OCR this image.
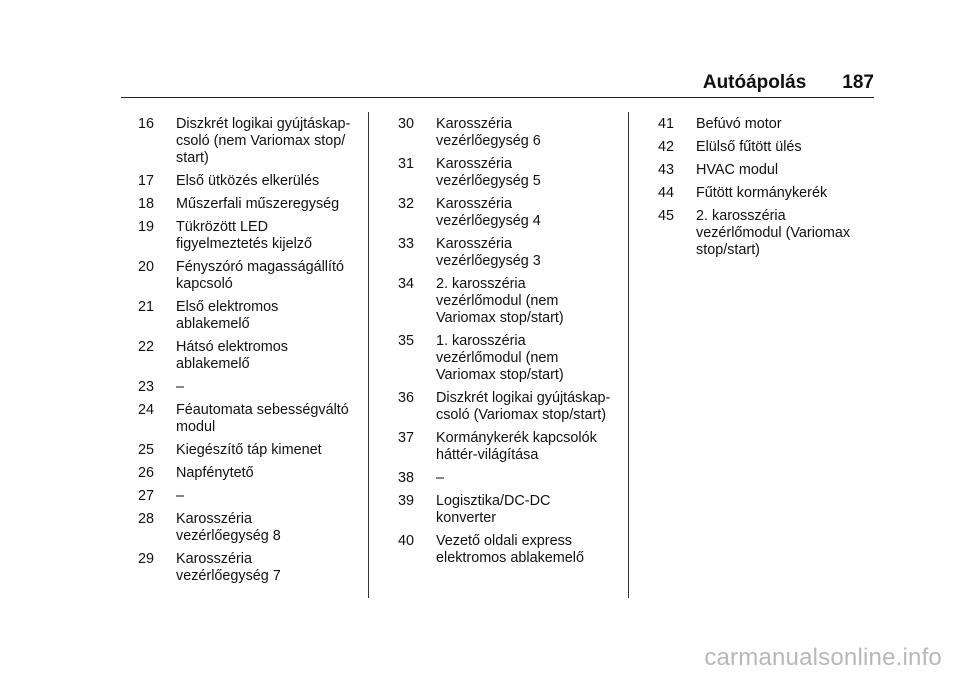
Autóápolás 187
16	Diszkrét logikai gyújtáskap-
csoló (nem Variomax stop/
start)
17	Első ütközés elkerülés
18	Műszerfali műszeregység
19	Tükrözött LED
figyelmeztetés kijelző
20	Fényszóró magasságállító
kapcsoló
21	Első elektromos
ablakemelő
22	Hátsó elektromos
ablakemelő
23	–
24	Féautomata sebességváltó
modul
25	Kiegészítő táp kimenet
26	Napfénytető
27	–
28	Karosszéria
vezérlőegység 8
29	Karosszéria
vezérlőegység 7
30	Karosszéria
vezérlőegység 6
31	Karosszéria
vezérlőegység 5
32	Karosszéria
vezérlőegység 4
33	Karosszéria
vezérlőegység 3
34	2. karosszéria
vezérlőmodul (nem
Variomax stop/start)
35	1. karosszéria
vezérlőmodul (nem
Variomax stop/start)
36	Diszkrét logikai gyújtáskap-
csoló (Variomax stop/start)
37	Kormánykerék kapcsolók
háttér-világítása
38	–
39	Logisztika/DC-DC
konverter
40	Vezető oldali express
elektromos ablakemelő
41	Befúvó motor
42	Elülső fűtött ülés
43	HVAC modul
44	Fűtött kormánykerék
45	2. karosszéria
vezérlőmodul (Variomax
stop/start)
carmanualsonline.info
